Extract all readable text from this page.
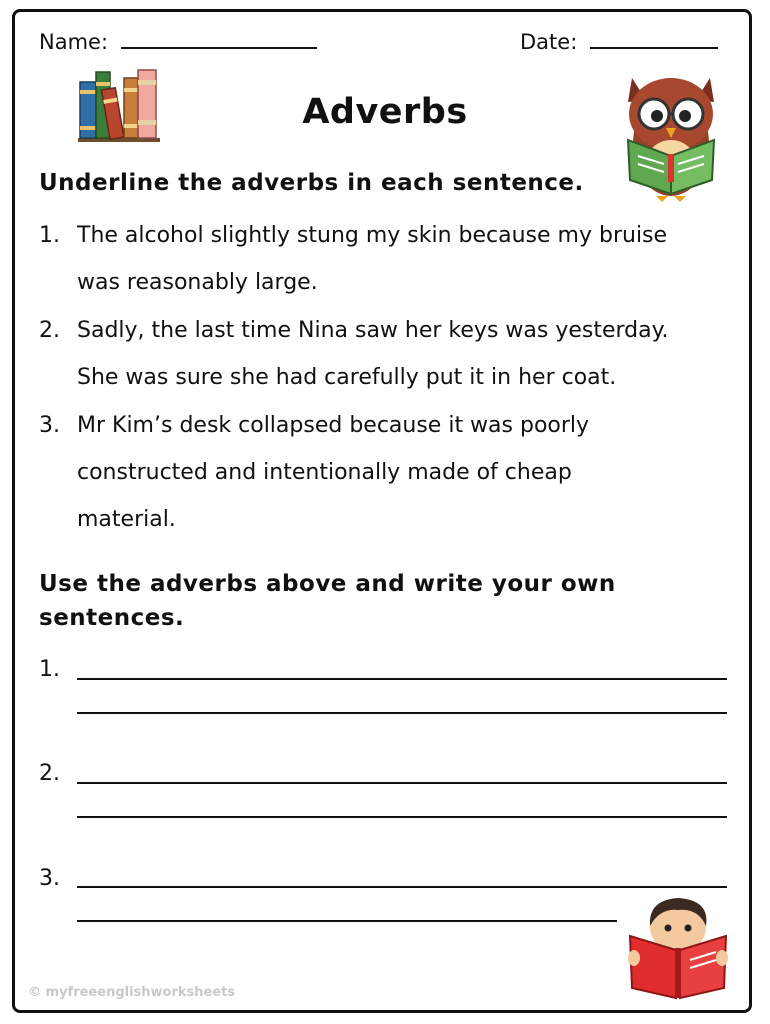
Name:	Date:
Adverbs
Underline the adverbs in each sentence.
1. The alcohol slightly stung my skin because my bruise
was reasonably large.
2. Sadly, the last time Nina saw her keys was yesterday.
She was sure she had carefully put it in her coat.
3. Mr Kim’s desk collapsed because it was poorly
constructed and intentionally made of cheap
material.
Use the adverbs above and write your own
sentences.
1.
2.
3.
© myfreeenglishworksheets
